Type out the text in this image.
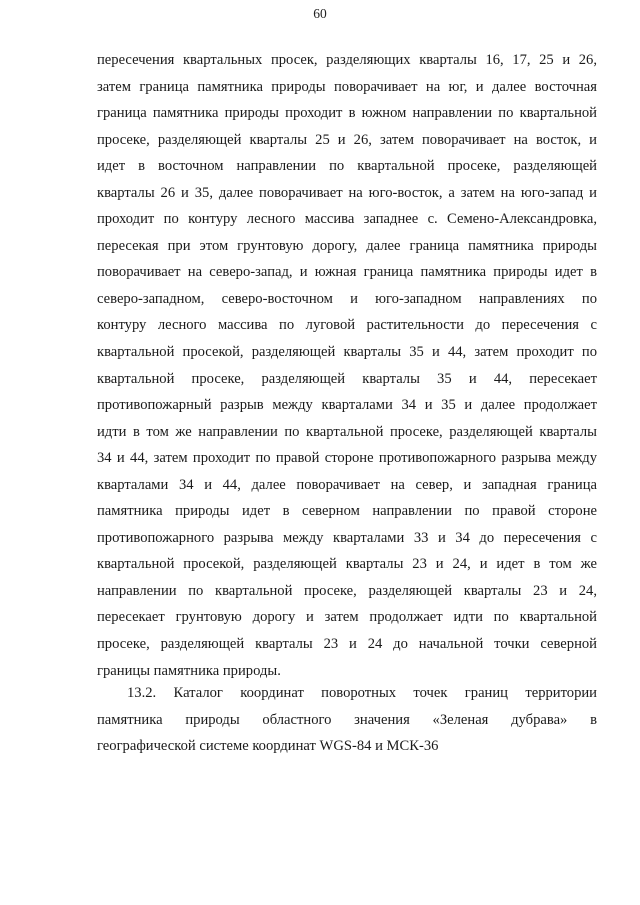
60
пересечения квартальных просек, разделяющих кварталы 16, 17, 25 и 26,
затем граница памятника природы поворачивает на юг, и далее восточная
граница памятника природы проходит в южном направлении по квартальной
просеке, разделяющей кварталы 25 и 26, затем поворачивает на восток, и
идет в восточном направлении по квартальной просеке, разделяющей
кварталы 26 и 35, далее поворачивает на юго-восток, а затем на юго-запад и
проходит по контуру лесного массива западнее с. Семено-Александровка,
пересекая при этом грунтовую дорогу, далее граница памятника природы
поворачивает на северо-запад, и южная граница памятника природы идет в
северо-западном, северо-восточном и юго-западном направлениях по
контуру лесного массива по луговой растительности до пересечения с
квартальной просекой, разделяющей кварталы 35 и 44, затем проходит по
квартальной просеке, разделяющей кварталы 35 и 44, пересекает
противопожарный разрыв между кварталами 34 и 35 и далее продолжает
идти в том же направлении по квартальной просеке, разделяющей кварталы
34 и 44, затем проходит по правой стороне противопожарного разрыва между
кварталами 34 и 44, далее поворачивает на север, и западная граница
памятника природы идет в северном направлении по правой стороне
противопожарного разрыва между кварталами 33 и 34 до пересечения с
квартальной просекой, разделяющей кварталы 23 и 24, и идет в том же
направлении по квартальной просеке, разделяющей кварталы 23 и 24,
пересекает грунтовую дорогу и затем продолжает идти по квартальной
просеке, разделяющей кварталы 23 и 24 до начальной точки северной
границы памятника природы.
13.2. Каталог координат поворотных точек границ территории
памятника природы областного значения «Зеленая дубрава» в
географической системе координат WGS-84 и МСК-36
